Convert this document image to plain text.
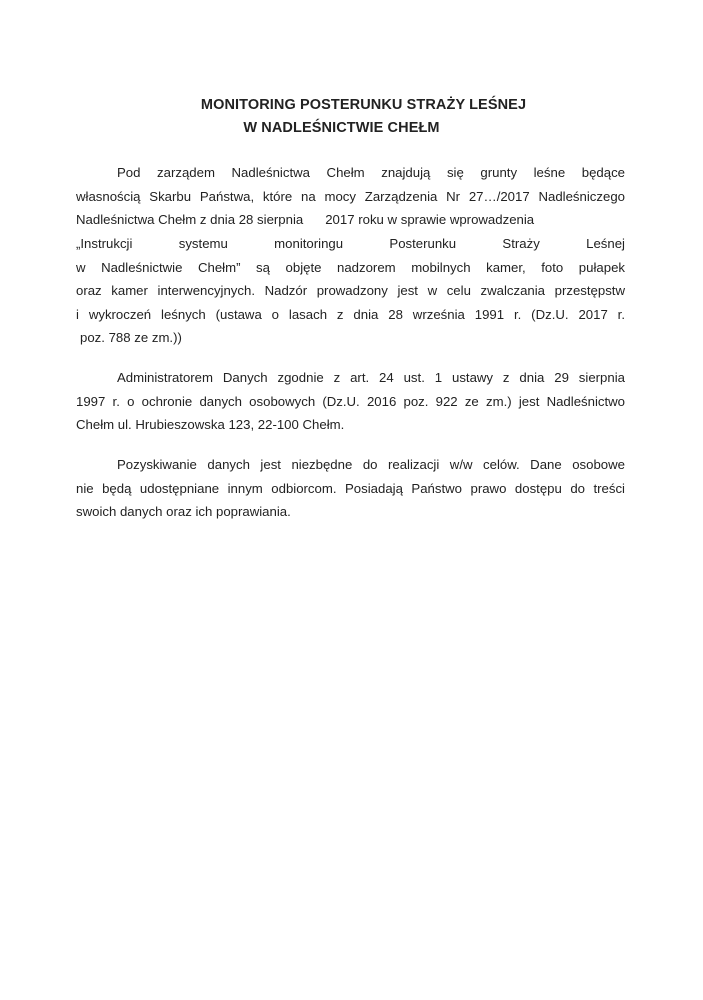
MONITORING POSTERUNKU STRAŻY LEŚNEJ
W NADLEŚNICTWIE CHEŁM
Pod zarządem Nadleśnictwa Chełm znajdują się grunty leśne będące
własnością Skarbu Państwa, które na mocy Zarządzenia Nr 27…/2017 Nadleśniczego
Nadleśnictwa Chełm z dnia 28 sierpnia      2017 roku w sprawie wprowadzenia
„Instrukcji systemu monitoringu Posterunku Straży Leśnej
w Nadleśnictwie Chełm” są objęte nadzorem mobilnych kamer, foto pułapek
oraz kamer interwencyjnych. Nadzór prowadzony jest w celu zwalczania przestępstw
i wykroczeń leśnych (ustawa o lasach z dnia 28 września 1991 r. (Dz.U. 2017 r.
poz. 788 ze zm.))
Administratorem Danych zgodnie z art. 24 ust. 1 ustawy z dnia 29 sierpnia
1997 r. o ochronie danych osobowych (Dz.U. 2016 poz. 922 ze zm.) jest Nadleśnictwo
Chełm ul. Hrubieszowska 123, 22-100 Chełm.
Pozyskiwanie danych jest niezbędne do realizacji w/w celów. Dane osobowe
nie będą udostępniane innym odbiorcom. Posiadają Państwo prawo dostępu do treści
swoich danych oraz ich poprawiania.
